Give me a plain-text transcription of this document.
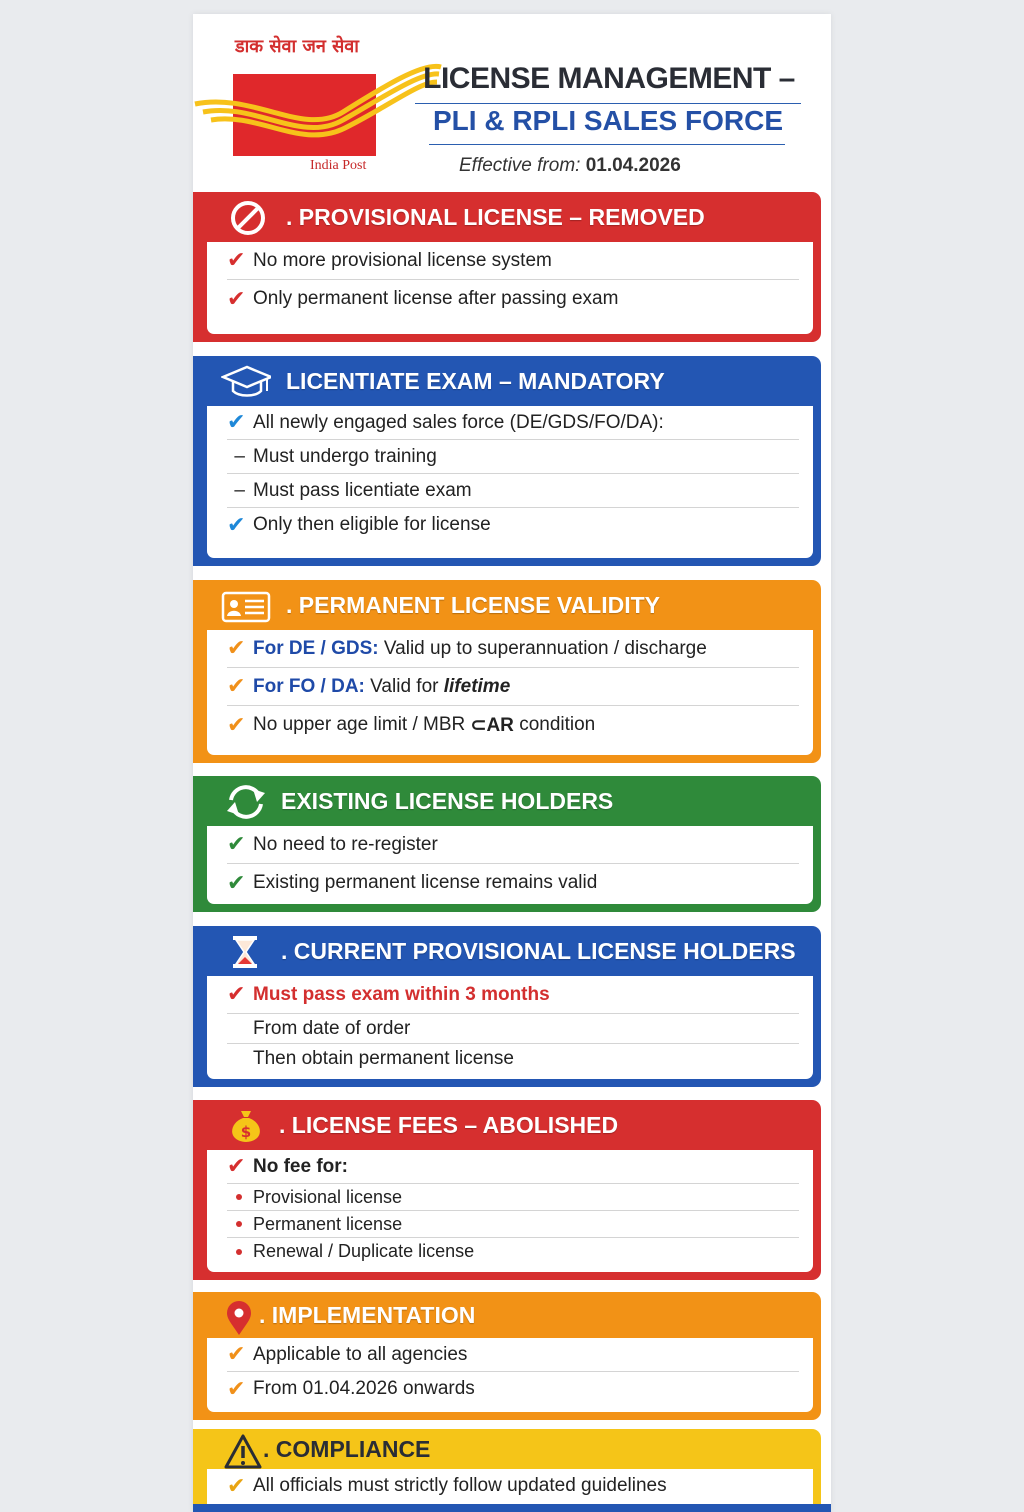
डाक सेवा जन सेवा
India Post
LICENSE MANAGEMENT –
PLI & RPLI SALES FORCE
Effective from: 01.04.2026
. PROVISIONAL LICENSE – REMOVED
✔ No more provisional license system
✔ Only permanent license after passing exam
LICENTIATE EXAM – MANDATORY
✔ All newly engaged sales force (DE/GDS/FO/DA):
– Must undergo training
– Must pass licentiate exam
✔ Only then eligible for license
. PERMANENT LICENSE VALIDITY
✔ For DE / GDS:
Valid up to superannuation / discharge
✔ For FO / DA:
Valid for
lifetime
✔ No upper age limit / MBR
⊂AR
condition
EXISTING LICENSE HOLDERS
✔ No need to re-register
✔ Existing permanent license remains valid
. CURRENT PROVISIONAL LICENSE HOLDERS
✔ Must pass exam within 3 months
From date of order
Then obtain permanent license
$ . LICENSE FEES – ABOLISHED
✔ No fee for:
Provisional license
Permanent license
Renewal / Duplicate license
. IMPLEMENTATION
✔ Applicable to all agencies
✔ From 01.04.2026 onwards
. COMPLIANCE
✔ All officials must strictly follow updated guidelines
